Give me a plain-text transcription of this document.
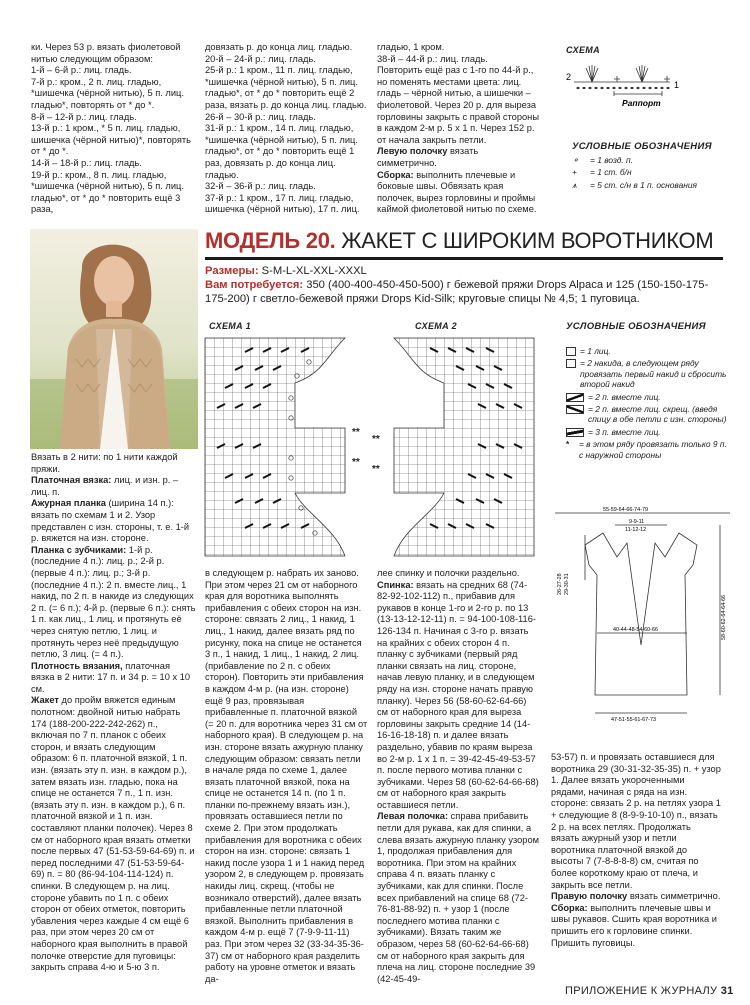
ки. Через 53 р. вязать фиолетовой нитью следующим образом:
1-й – 6-й р.: лиц. гладь.
7-й р.: кром., 2 п. лиц. гладью, *шишечка (чёрной нитью), 5 п. лиц. гладью*, повторять от * до *.
8-й – 12-й р.: лиц. гладь.
13-й р.: 1 кром., * 5 п. лиц. гладью, шишечка (чёрной нитью)*, повторять от * до *.
14-й – 18-й р.: лиц. гладь.
19-й р.: кром., 8 п. лиц. гладью, *шишечка (чёрной нитью), 5 п. лиц. гладью*, от * до * повторить ещё 3 раза,
довязать р. до конца лиц. гладью.
20-й – 24-й р.: лиц. гладь.
25-й р.: 1 кром., 11 п. лиц. гладью, *шишечка (чёрной нитью), 5 п. лиц. гладью*, от * до * повторить ещё 2 раза, вязать р. до конца лиц. гладью.
26-й – 30-й р.: лиц. гладь.
31-й р.: 1 кром., 14 п. лиц. гладью, *шишечка (чёрной нитью), 5 п. лиц. гладью*, от * до * повторить ещё 1 раз, довязать р. до конца лиц. гладью.
32-й – 36-й р.: лиц. гладь.
37-й р.: 1 кром., 17 п. лиц. гладью, шишечка (чёрной нитью), 17 п. лиц.
гладью, 1 кром.
38-й – 44-й р.: лиц. гладь.
Повторить ещё раз с 1-го по 44-й р., но поменять местами цвета: лиц. гладь – чёрной нитью, а шишечки – фиолетовой. Через 20 р. для выреза горловины закрыть с правой стороны в каждом 2-м р. 5 х 1 п. Через 152 р. от начала закрыть петли.
Левую полочку вязать симметрично.
Сборка: выполнить плечевые и боковые швы. Обвязать края полочек, вырез горловины и проймы каймой фиолетовой нитью по схеме.
СХЕМА
2
1
Раппорт
УСЛОВНЫЕ ОБОЗНАЧЕНИЯ
⚬	= 1 возд. п.
+	= 1 ст. б/н
⩚	= 5 ст. с/н в 1 п. основания
МОДЕЛЬ 20. ЖАКЕТ С ШИРОКИМ ВОРОТНИКОМ
Размеры: S-M-L-XL-XXL-XXXL
Вам потребуется: 350 (400-400-450-450-500) г бежевой пряжи Drops Alpaca и 125 (150-150-175-175-200) г светло-бежевой пряжи Drops Kid-Silk; круговые спицы № 4,5; 1 пуговица.
СХЕМА 1	СХЕМА 2
**
**
**
**
УСЛОВНЫЕ ОБОЗНАЧЕНИЯ
= 1 лиц.
= 2 накида, в следующем ряду провязать первый накид и сбросить второй накид
= 2 п. вместе лиц.
= 2 п. вместе лиц. скрещ. (введя спицу в обе петли с изн. стороны)
= 3 п. вместе лиц.
*	= в этом ряду провязать только 9 п. с наружной стороны
55-59-64-66-74-79
9-9-11
11-12-12
26-27-28 29-30-31
58-60-62-64-64-66
40-44-48-54-60-66
47-51-55-61-67-73
Вязать в 2 нити: по 1 нити каждой пряжи.
Платочная вязка: лиц. и изн. р. – лиц. п.
Ажурная планка (ширина 14 п.): вязать по схемам 1 и 2. Узор представлен с изн. стороны, т. е. 1-й р. вяжется на изн. стороне.
Планка с зубчиками: 1-й р. (последние 4 п.): лиц. р.; 2-й р. (первые 4 п.): лиц. р.; 3-й р. (последние 4 п.): 2 п. вместе лиц., 1 накид, по 2 п. в накиде из следующих 2 п. (= 6 п.); 4-й р. (первые 6 п.): снять 1 п. как лиц., 1 лиц. и протянуть её через снятую петлю, 1 лиц. и протянуть через неё предыдущую петлю, 3 лиц. (= 4 п.).
Плотность вязания, платочная вязка в 2 нити: 17 п. и 34 р. = 10 х 10 см.
Жакет до пройм вяжется единым полотном: двойной нитью набрать 174 (188-200-222-242-262) п., включая по 7 п. планок с обеих сторон, и вязать следующим образом: 6 п. платочной вязкой, 1 п. изн. (вязать эту п. изн. в каждом р.), затем вязать изн. гладью, пока на спице не останется 7 п., 1 п. изн. (вязать эту п. изн. в каждом р.), 6 п. платочной вязкой и 1 п. изн. составляют планки полочек). Через 8 см от наборного края вязать отметки после первых 47 (51-53-59-64-69) п. и перед последними 47 (51-53-59-64-69) п. = 80 (86-94-104-114-124) п. спинки. В следующем р. на лиц. стороне убавить по 1 п. с обеих сторон от обеих отметок, повторить убавления через каждые 4 см ещё 6 раз, при этом через 20 см от наборного края выполнить в правой полочке отверстие для пуговицы: закрыть справа 4-ю и 5-ю 3 п.
в следующем р. набрать их заново. При этом через 21 см от наборного края для воротника выполнять прибавления с обеих сторон на изн. стороне: связать 2 лиц., 1 накид, 1 лиц., 1 накид, далее вязать ряд по рисунку, пока на спице не останется 3 п., 1 накид, 1 лиц., 1 накид, 2 лиц. (прибавление по 2 п. с обеих сторон). Повторить эти прибавления в каждом 4-м р. (на изн. стороне) ещё 9 раз, провязывая прибавленные п. платочной вязкой (= 20 п. для воротника через 31 см от наборного края). В следующем р. на изн. стороне вязать ажурную планку следующим образом: связать петли в начале ряда по схеме 1, далее вязать платочной вязкой, пока на спице не останется 14 п. (по 1 п. планки по-прежнему вязать изн.), провязать оставшиеся петли по схеме 2. При этом продолжать прибавления для воротника с обеих сторон на изн. стороне: связать 1 накид после узора 1 и 1 накид перед узором 2, в следующем р. провязать накиды лиц. скрещ. (чтобы не возникало отверстий), далее вязать прибавленные петли платочной вязкой. Выполнить прибавления в каждом 4-м р. ещё 7 (7-9-9-11-11) раз. При этом через 32 (33-34-35-36-37) см от наборного края разделить работу на уровне отметок и вязать да-
лее спинку и полочки раздельно.
Спинка: вязать на средних 68 (74-82-92-102-112) п., прибавив для рукавов в конце 1-го и 2-го р. по 13 (13-13-12-12-11) п. = 94-100-108-116-126-134 п. Начиная с 3-го р. вязать на крайних с обеих сторон 4 п. планку с зубчиками (первый ряд планки связать на лиц. стороне, начав левую планку, и в следующем ряду на изн. стороне начать правую планку). Через 56 (58-60-62-64-66) см от наборного края для выреза горловины закрыть средние 14 (14-16-16-18-18) п. и далее вязать раздельно, убавив по краям выреза во 2-м р. 1 х 1 п. = 39-42-45-49-53-57 п. после первого мотива планки с зубчиками. Через 58 (60-62-64-66-68) см от наборного края закрыть оставшиеся петли.
Левая полочка: справа прибавить петли для рукава, как для спинки, а слева вязать ажурную планку узором 1, продолжая прибавления для воротника. При этом на крайних справа 4 п. вязать планку с зубчиками, как для спинки. После всех прибавлений на спице 68 (72-76-81-88-92) п. + узор 1 (после последнего мотива планки с зубчиками). Вязать таким же образом, через 58 (60-62-64-66-68) см от наборного края закрыть для плеча на лиц. стороне последние 39 (42-45-49-
53-57) п. и провязать оставшиеся для воротника 29 (30-31-32-35-35) п. + узор 1. Далее вязать укороченными рядами, начиная с ряда на изн. стороне: связать 2 р. на петлях узора 1 + следующие 8 (8-9-9-10-10) п., вязать 2 р. на всех петлях. Продолжать вязать ажурный узор и петли воротника платочной вязкой до высоты 7 (7-8-8-8-8) см, считая по более короткому краю от плеча, и закрыть все петли.
Правую полочку вязать симметрично.
Сборка: выполнить плечевые швы и швы рукавов. Сшить края воротника и пришить его к горловине спинки. Пришить пуговицы.
ПРИЛОЖЕНИЕ К ЖУРНАЛУ 31
